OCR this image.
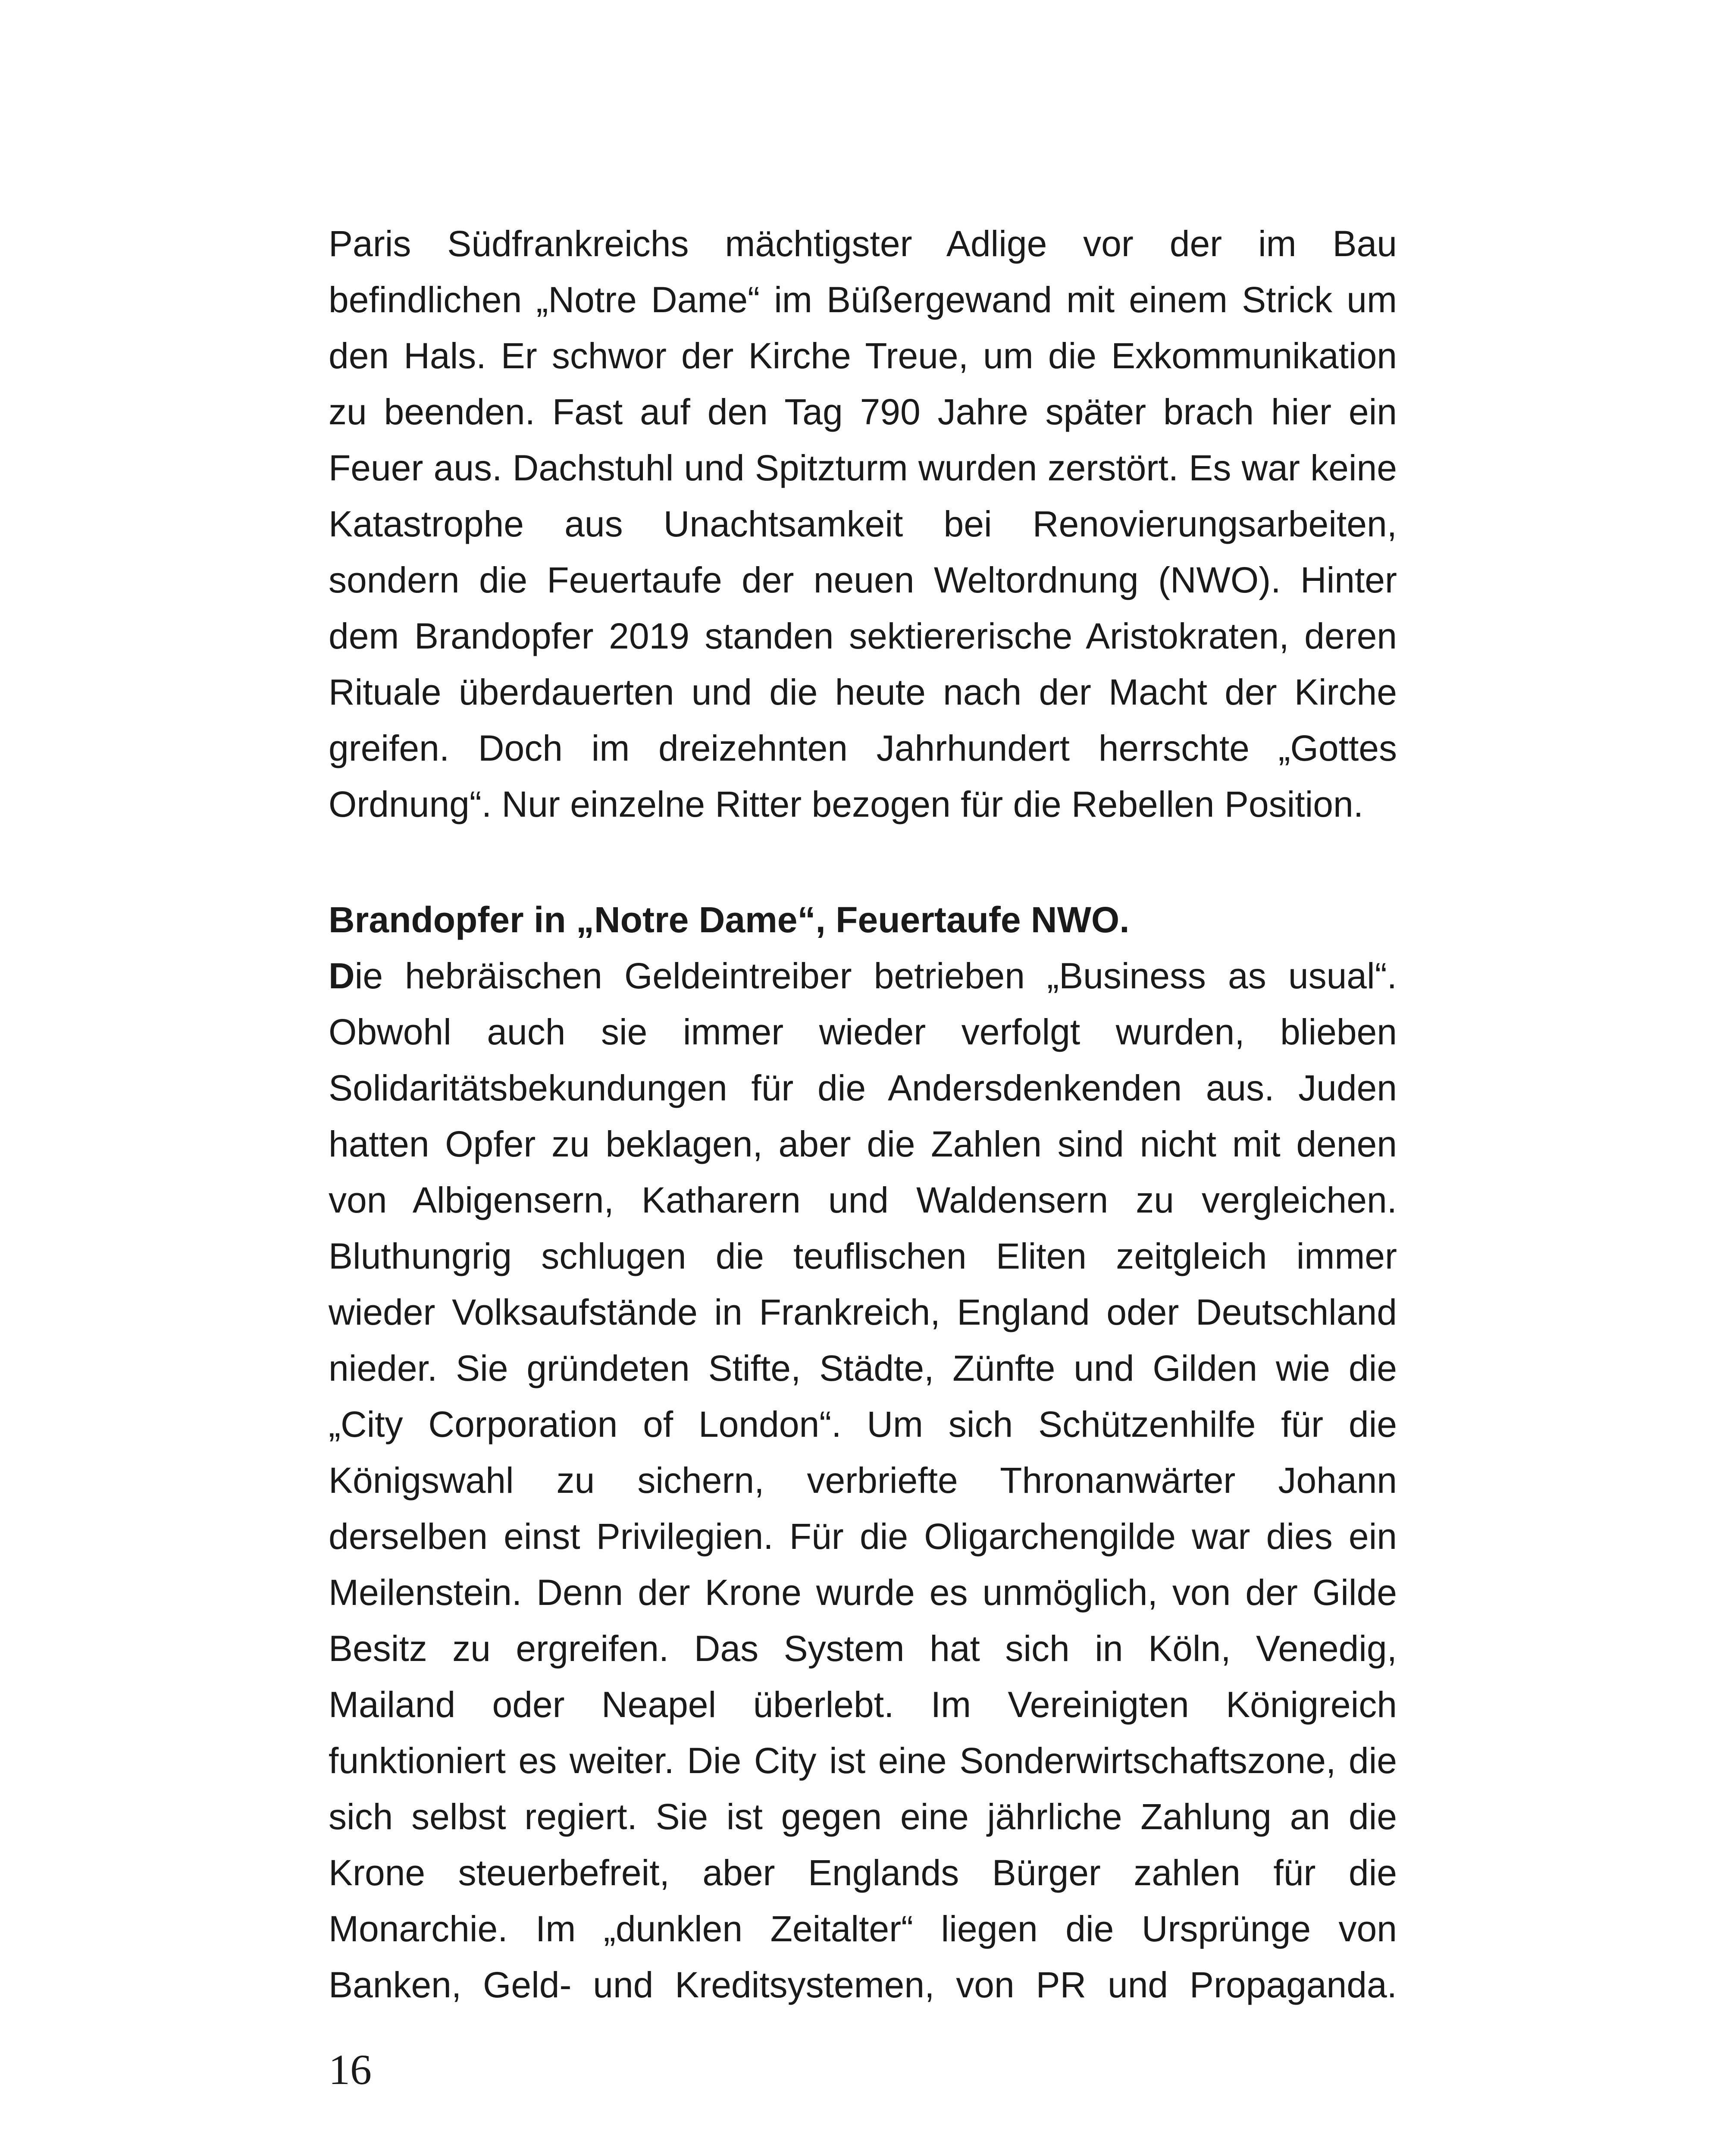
Paris Südfrankreichs mächtigster Adlige vor der im Bau befindlichen „Notre Dame“ im Büßergewand mit einem Strick um den Hals. Er schwor der Kirche Treue, um die Exkommunikation zu beenden. Fast auf den Tag 790 Jahre später brach hier ein Feuer aus. Dachstuhl und Spitzturm wurden zerstört. Es war keine Katastrophe aus Unachtsamkeit bei Renovierungsarbeiten, sondern die Feuertaufe der neuen Weltordnung (NWO). Hinter dem Brandopfer 2019 standen sektiererische Aristokraten, deren Rituale überdauerten und die heute nach der Macht der Kirche greifen. Doch im dreizehnten Jahrhundert herrschte „Gottes Ordnung“. Nur einzelne Ritter bezogen für die Rebellen Position.

Brandopfer in „Notre Dame“, Feuertaufe NWO.

Die hebräischen Geldeintreiber betrieben „Business as usual“. Obwohl auch sie immer wieder verfolgt wurden, blieben Solidaritätsbekundungen für die Andersdenkenden aus. Juden hatten Opfer zu beklagen, aber die Zahlen sind nicht mit denen von Albigensern, Katharern und Waldensern zu vergleichen. Bluthungrig schlugen die teuflischen Eliten zeitgleich immer wieder Volksaufstände in Frankreich, England oder Deutschland nieder. Sie gründeten Stifte, Städte, Zünfte und Gilden wie die „City Corporation of London“. Um sich Schützenhilfe für die Königswahl zu sichern, verbriefte Thronanwärter Johann derselben einst Privilegien. Für die Oligarchengilde war dies ein Meilenstein. Denn der Krone wurde es unmöglich, von der Gilde Besitz zu ergreifen. Das System hat sich in Köln, Venedig, Mailand oder Neapel überlebt. Im Vereinigten Königreich funktioniert es weiter. Die City ist eine Sonderwirtschaftszone, die sich selbst regiert. Sie ist gegen eine jährliche Zahlung an die Krone steuerbefreit, aber Englands Bürger zahlen für die Monarchie. Im „dunklen Zeitalter“ liegen die Ursprünge von Banken, Geld- und Kreditsystemen, von PR und Propaganda.

16
